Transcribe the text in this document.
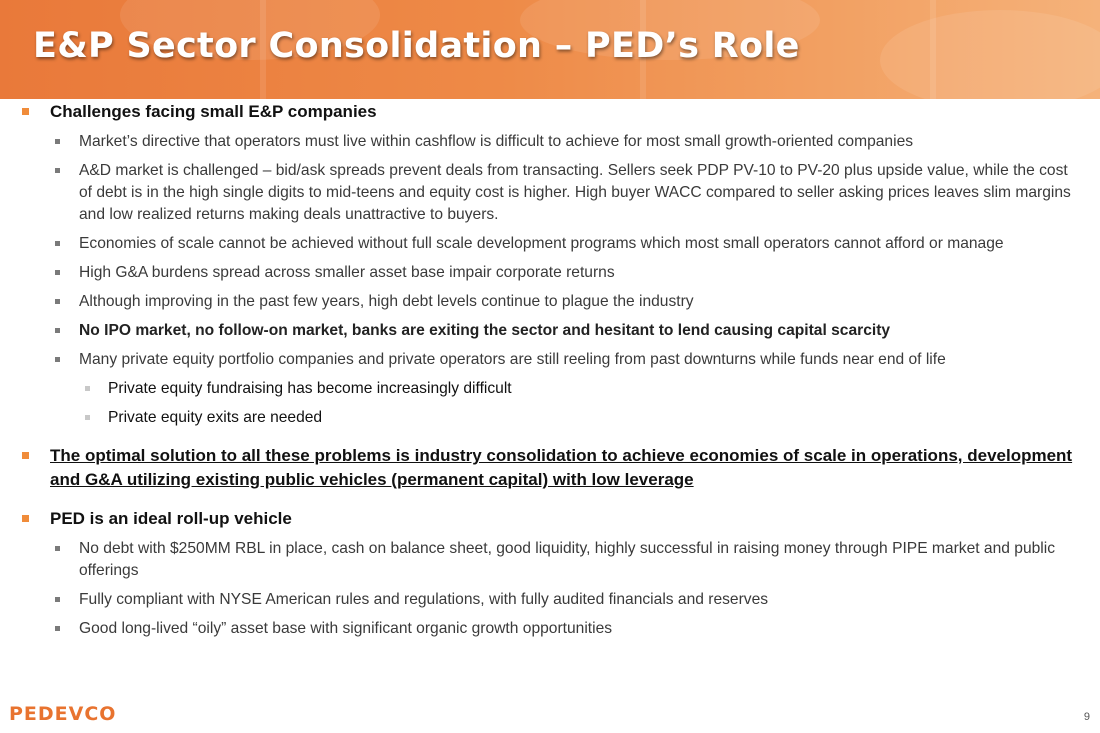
E&P Sector Consolidation – PED’s Role
Challenges facing small E&P companies
Market’s directive that operators must live within cashflow is difficult to achieve for most small growth-oriented companies
A&D market is challenged – bid/ask spreads prevent deals from transacting. Sellers seek PDP PV-10 to PV-20 plus upside value, while the cost of debt is in the high single digits to mid-teens and equity cost is higher. High buyer WACC compared to seller asking prices leaves slim margins and low realized returns making deals unattractive to buyers.
Economies of scale cannot be achieved without full scale development programs which most small operators cannot afford or manage
High G&A burdens spread across smaller asset base impair corporate returns
Although improving in the past few years, high debt levels continue to plague the industry
No IPO market, no follow-on market, banks are exiting the sector and hesitant to lend causing capital scarcity
Many private equity portfolio companies and private operators are still reeling from past downturns while funds near end of life
Private equity fundraising has become increasingly difficult
Private equity exits are needed
The optimal solution to all these problems is industry consolidation to achieve economies of scale in operations, development and G&A utilizing existing public vehicles (permanent capital) with low leverage
PED is an ideal roll-up vehicle
No debt with $250MM RBL in place, cash on balance sheet, good liquidity, highly successful in raising money through PIPE market and public offerings
Fully compliant with NYSE American rules and regulations, with fully audited financials and reserves
Good long-lived “oily” asset base with significant organic growth opportunities
PEDEVCO	9
